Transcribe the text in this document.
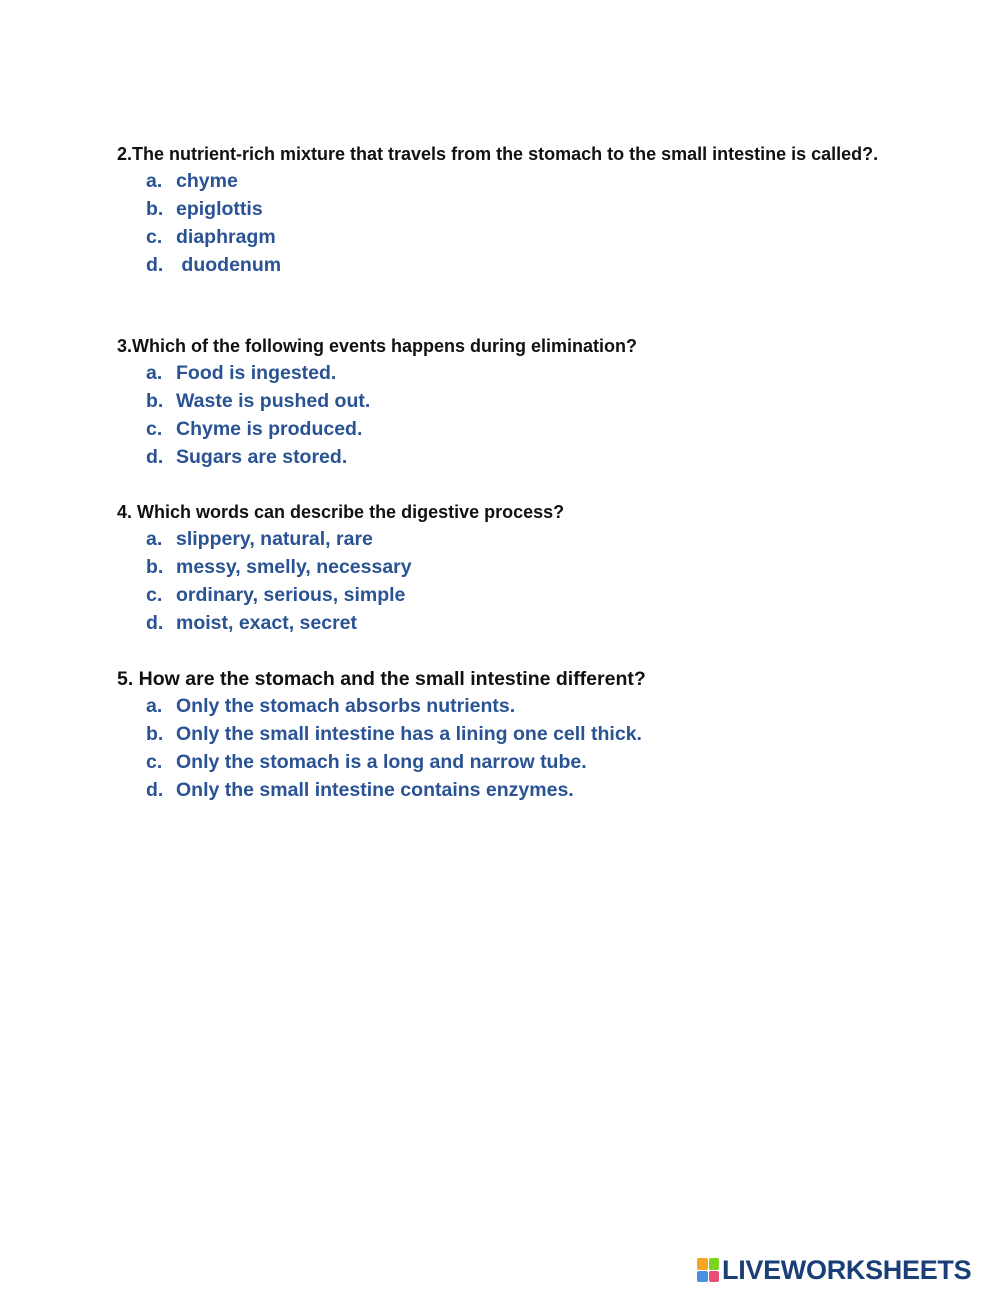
2.The nutrient-rich mixture that travels from the stomach to the small intestine is called?.

a. chyme
b. epiglottis
c. diaphragm
d. duodenum

3.Which of the following events happens during elimination?

a. Food is ingested.
b. Waste is pushed out.
c. Chyme is produced.
d. Sugars are stored.

4. Which words can describe the digestive process?

a. slippery, natural, rare
b. messy, smelly, necessary
c. ordinary, serious, simple
d. moist, exact, secret

5. How are the stomach and the small intestine different?

a. Only the stomach absorbs nutrients.
b. Only the small intestine has a lining one cell thick.
c. Only the stomach is a long and narrow tube.
d. Only the small intestine contains enzymes.
LIVEWORKSHEETS
